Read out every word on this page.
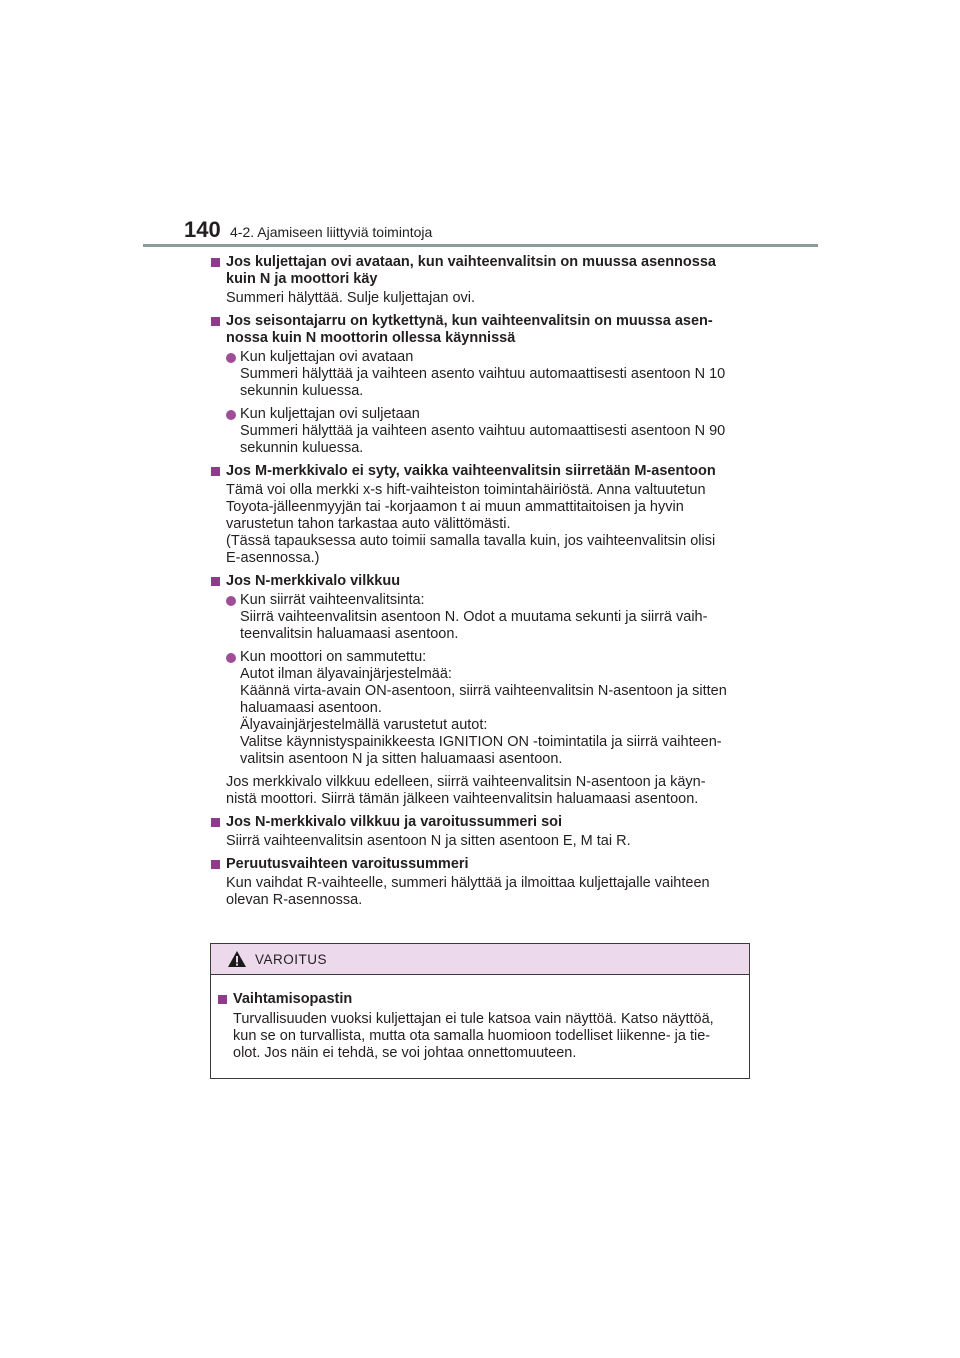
140 4-2. Ajamiseen liittyviä toimintoja
Jos kuljettajan ovi avataan, kun vaihteenvalitsin on muussa asennossa
kuin N ja moottori käy
Summeri hälyttää. Sulje kuljettajan ovi.
Jos seisontajarru on kytkettynä, kun vaihteenvalitsin on muussa asen-
nossa kuin N moottorin ollessa käynnissä
Kun kuljettajan ovi avataan
Summeri hälyttää ja vaihteen asento vaihtuu automaattisesti asentoon N 10
sekunnin kuluessa.
Kun kuljettajan ovi suljetaan
Summeri hälyttää ja vaihteen asento vaihtuu automaattisesti asentoon N 90
sekunnin kuluessa.
Jos M-merkkivalo ei syty, vaikka vaihteenvalitsin siirretään M-asentoon
Tämä voi olla merkki x-s hift-vaihteiston toimintahäiriöstä. Anna valtuutetun
Toyota-jälleenmyyjän tai -korjaamon t ai muun ammattitaitoisen ja hyvin
varustetun tahon tarkastaa auto välittömästi.
(Tässä tapauksessa auto toimii samalla tavalla kuin, jos vaihteenvalitsin olisi
E-asennossa.)
Jos N-merkkivalo vilkkuu
Kun siirrät vaihteenvalitsinta:
Siirrä vaihteenvalitsin asentoon N. Odot a muutama sekunti ja siirrä vaih-
teenvalitsin haluamaasi asentoon.
Kun moottori on sammutettu:
Autot ilman älyavainjärjestelmää:
Käännä virta-avain ON-asentoon, siirrä vaihteenvalitsin N-asentoon ja sitten
haluamaasi asentoon.
Älyavainjärjestelmällä varustetut autot:
Valitse käynnistyspainikkeesta IGNITION ON -toimintatila ja siirrä vaihteen-
valitsin asentoon N ja sitten haluamaasi asentoon.
Jos merkkivalo vilkkuu edelleen, siirrä vaihteenvalitsin N-asentoon ja käyn-
nistä moottori. Siirrä tämän jälkeen vaihteenvalitsin haluamaasi asentoon.
Jos N-merkkivalo vilkkuu ja varoitussummeri soi
Siirrä vaihteenvalitsin asentoon N ja sitten asentoon E, M tai R.
Peruutusvaihteen varoitussummeri
Kun vaihdat R-vaihteelle, summeri hälyttää ja ilmoittaa kuljettajalle vaihteen
olevan R-asennossa.
VAROITUS
Vaihtamisopastin
Turvallisuuden vuoksi kuljettajan ei tule katsoa vain näyttöä. Katso näyttöä,
kun se on turvallista, mutta ota samalla huomioon todelliset liikenne- ja tie-
olot. Jos näin ei tehdä, se voi johtaa onnettomuuteen.
